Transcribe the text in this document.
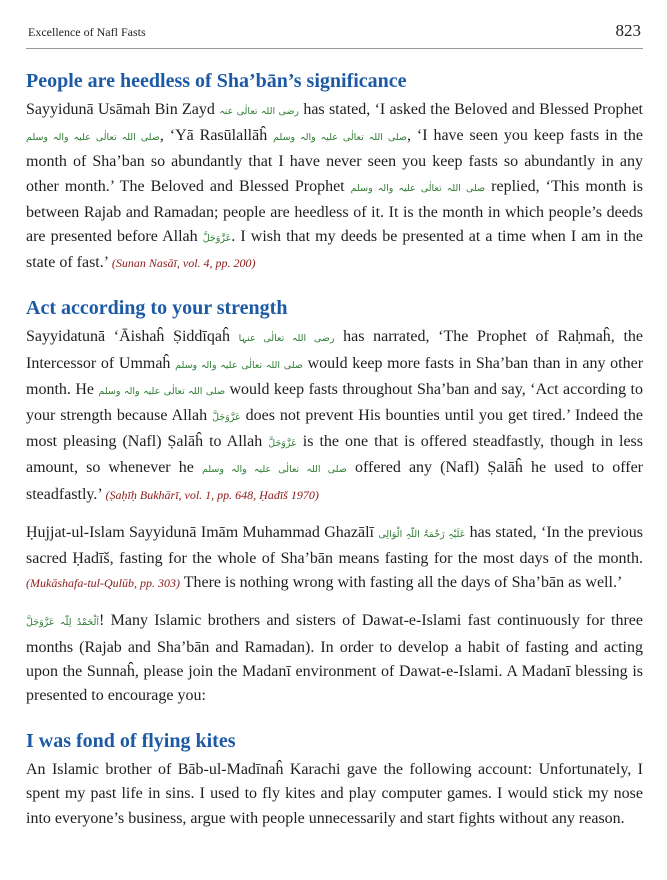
Excellence of Nafl Fasts	823
People are heedless of Sha’bān’s significance

Sayyidunā Usāmah Bin Zayd رضی اللہ تعالٰی عنہ has stated, ‘I asked the Beloved and Blessed Prophet صلی اللہ تعالٰی علیہ والہ وسلم, ‘Yā Rasūlallāĥ صلی اللہ تعالٰی علیہ والہ وسلم, ‘I have seen you keep fasts in the month of Sha’ban so abundantly that I have never seen you keep fasts so abundantly in any other month.’ The Beloved and Blessed Prophet صلی اللہ تعالٰی علیہ والہ وسلم replied, ‘This month is between Rajab and Ramadan; people are heedless of it. It is the month in which people’s deeds are presented before Allah عَزَّوَجَلَّ. I wish that my deeds be presented at a time when I am in the state of fast.’ (Sunan Nasāī, vol. 4, pp. 200)

Act according to your strength

Sayyidatunā ‘Āishaĥ Ṣiddīqaĥ رضی اللہ تعالٰی عنہا has narrated, ‘The Prophet of Raḥmaĥ, the Intercessor of Ummaĥ صلی اللہ تعالٰی علیہ والہ وسلم would keep more fasts in Sha’ban than in any other month. He صلی اللہ تعالٰی علیہ والہ وسلم would keep fasts throughout Sha’ban and say, ‘Act according to your strength because Allah عَزَّوَجَلَّ does not prevent His bounties until you get tired.’ Indeed the most pleasing (Nafl) Ṣalāĥ to Allah عَزَّوَجَلَّ is the one that is offered steadfastly, though in less amount, so whenever he صلی اللہ تعالٰی علیہ والہ وسلم offered any (Nafl) Ṣalāĥ he used to offer steadfastly.’ (Ṣaḥīḥ Bukhārī, vol. 1, pp. 648, Ḥadīš 1970)

Ḥujjat-ul-Islam Sayyidunā Imām Muhammad Ghazālī عَلَیْہِ رَحْمَۃُ اللّٰہِ الْوَالِی has stated, ‘In the previous sacred Ḥadīš, fasting for the whole of Sha’bān means fasting for the most days of the month. (Mukāshafa-tul-Qulūb, pp. 303) There is nothing wrong with fasting all the days of Sha’bān as well.’

اَلْحَمْدُ لِلّٰہ عَزَّوَجَلَّ! Many Islamic brothers and sisters of Dawat-e-Islami fast continuously for three months (Rajab and Sha’bān and Ramadan). In order to develop a habit of fasting and acting upon the Sunnaĥ, please join the Madanī environment of Dawat-e-Islami. A Madanī blessing is presented to encourage you:

I was fond of flying kites

An Islamic brother of Bāb-ul-Madīnaĥ Karachi gave the following account: Unfortunately, I spent my past life in sins. I used to fly kites and play computer games. I would stick my nose into everyone’s business, argue with people unnecessarily and start fights without any reason.
